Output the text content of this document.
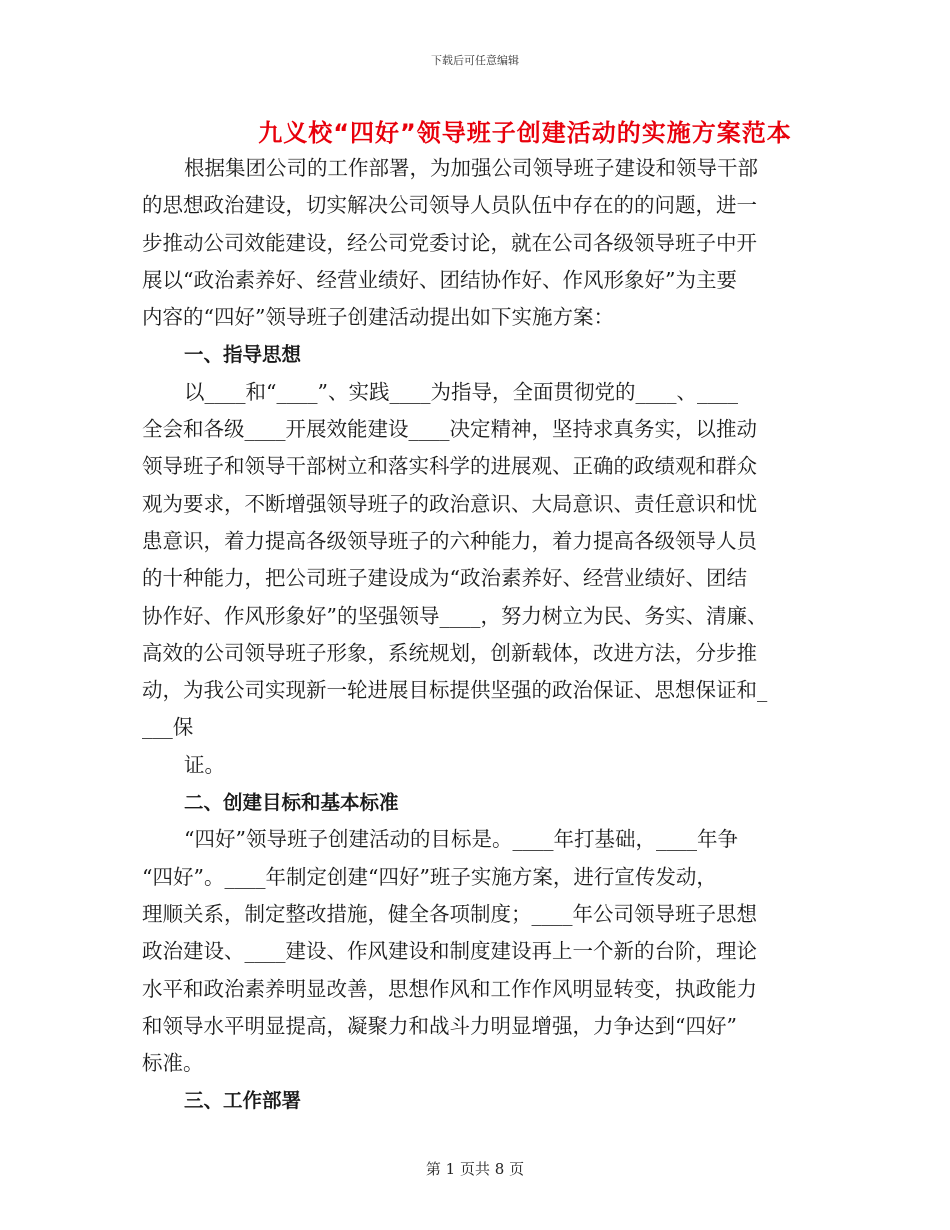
下载后可任意编辑
九义校“四好”领导班子创建活动的实施方案范本
根据集团公司的工作部署，为加强公司领导班子建设和领导干部
的思想政治建设，切实解决公司领导人员队伍中存在的的问题，进一
步推动公司效能建设，经公司党委讨论，就在公司各级领导班子中开
展以“政治素养好、经营业绩好、团结协作好、作风形象好”为主要
内容的“四好”领导班子创建活动提出如下实施方案：
一、指导思想
以____和“____”、实践____为指导，全面贯彻党的____、____
全会和各级____开展效能建设____决定精神，坚持求真务实，以推动
领导班子和领导干部树立和落实科学的进展观、正确的政绩观和群众
观为要求，不断增强领导班子的政治意识、大局意识、责任意识和忧
患意识，着力提高各级领导班子的六种能力，着力提高各级领导人员
的十种能力，把公司班子建设成为“政治素养好、经营业绩好、团结
协作好、作风形象好”的坚强领导____，努力树立为民、务实、清廉、
高效的公司领导班子形象，系统规划，创新载体，改进方法，分步推
动，为我公司实现新一轮进展目标提供坚强的政治保证、思想保证和_
___保
证。
二、创建目标和基本标准
“四好”领导班子创建活动的目标是。____年打基础，____年争
“四好”。____年制定创建“四好”班子实施方案，进行宣传发动，
理顺关系，制定整改措施，健全各项制度；____年公司领导班子思想
政治建设、____建设、作风建设和制度建设再上一个新的台阶，理论
水平和政治素养明显改善，思想作风和工作作风明显转变，执政能力
和领导水平明显提高，凝聚力和战斗力明显增强，力争达到“四好”
标准。
三、工作部署
第 1 页共 8 页
